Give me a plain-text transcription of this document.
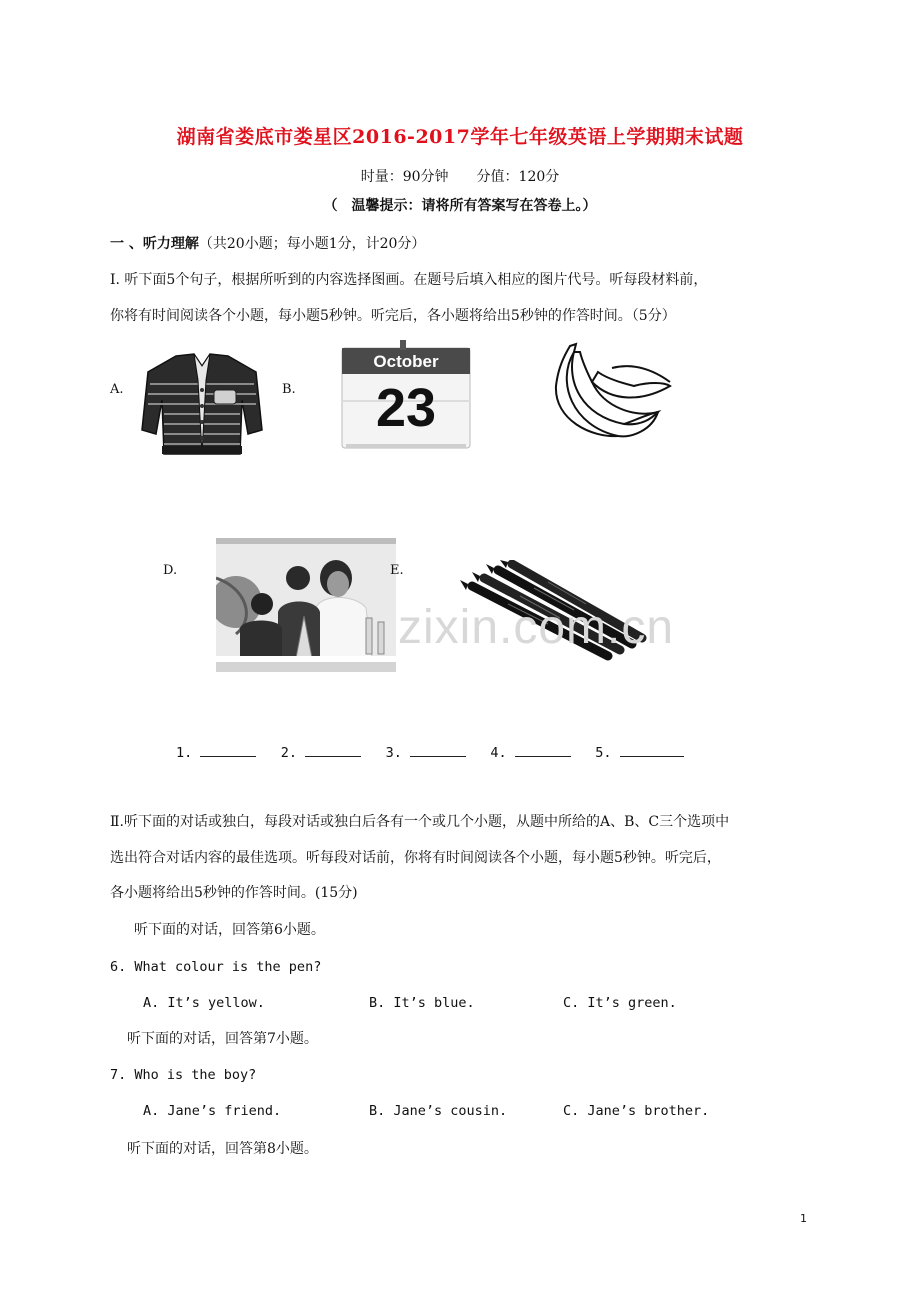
湖南省娄底市娄星区2016-2017学年七年级英语上学期期末试题
时量：90分钟 分值：120分
（　温馨提示：请将所有答案写在答卷上。）
一 、听力理解（共20小题；每小题1分，计20分）
Ⅰ. 听下面5个句子，根据所听到的内容选择图画。在题号后填入相应的图片代号。听每段材料前，
你将有时间阅读各个小题，每小题5秒钟。听完后，各小题将给出5秒钟的作答时间。（5分）
A.	B.
October
23
D.	E.
zixin.com.cn
1.	2.	3.	4.	5.
Ⅱ.听下面的对话或独白，每段对话或独白后各有一个或几个小题，从题中所给的A、B、C三个选项中
选出符合对话内容的最佳选项。听每段对话前，你将有时间阅读各个小题，每小题5秒钟。听完后，
各小题将给出5秒钟的作答时间。(15分)
听下面的对话，回答第6小题。
6. What colour is the pen?
A. It’s yellow.	B. It’s blue.	C. It’s green.
听下面的对话，回答第7小题。
7. Who is the boy?
A. Jane’s friend.	B. Jane’s cousin.	C. Jane’s brother.
听下面的对话，回答第8小题。
1
